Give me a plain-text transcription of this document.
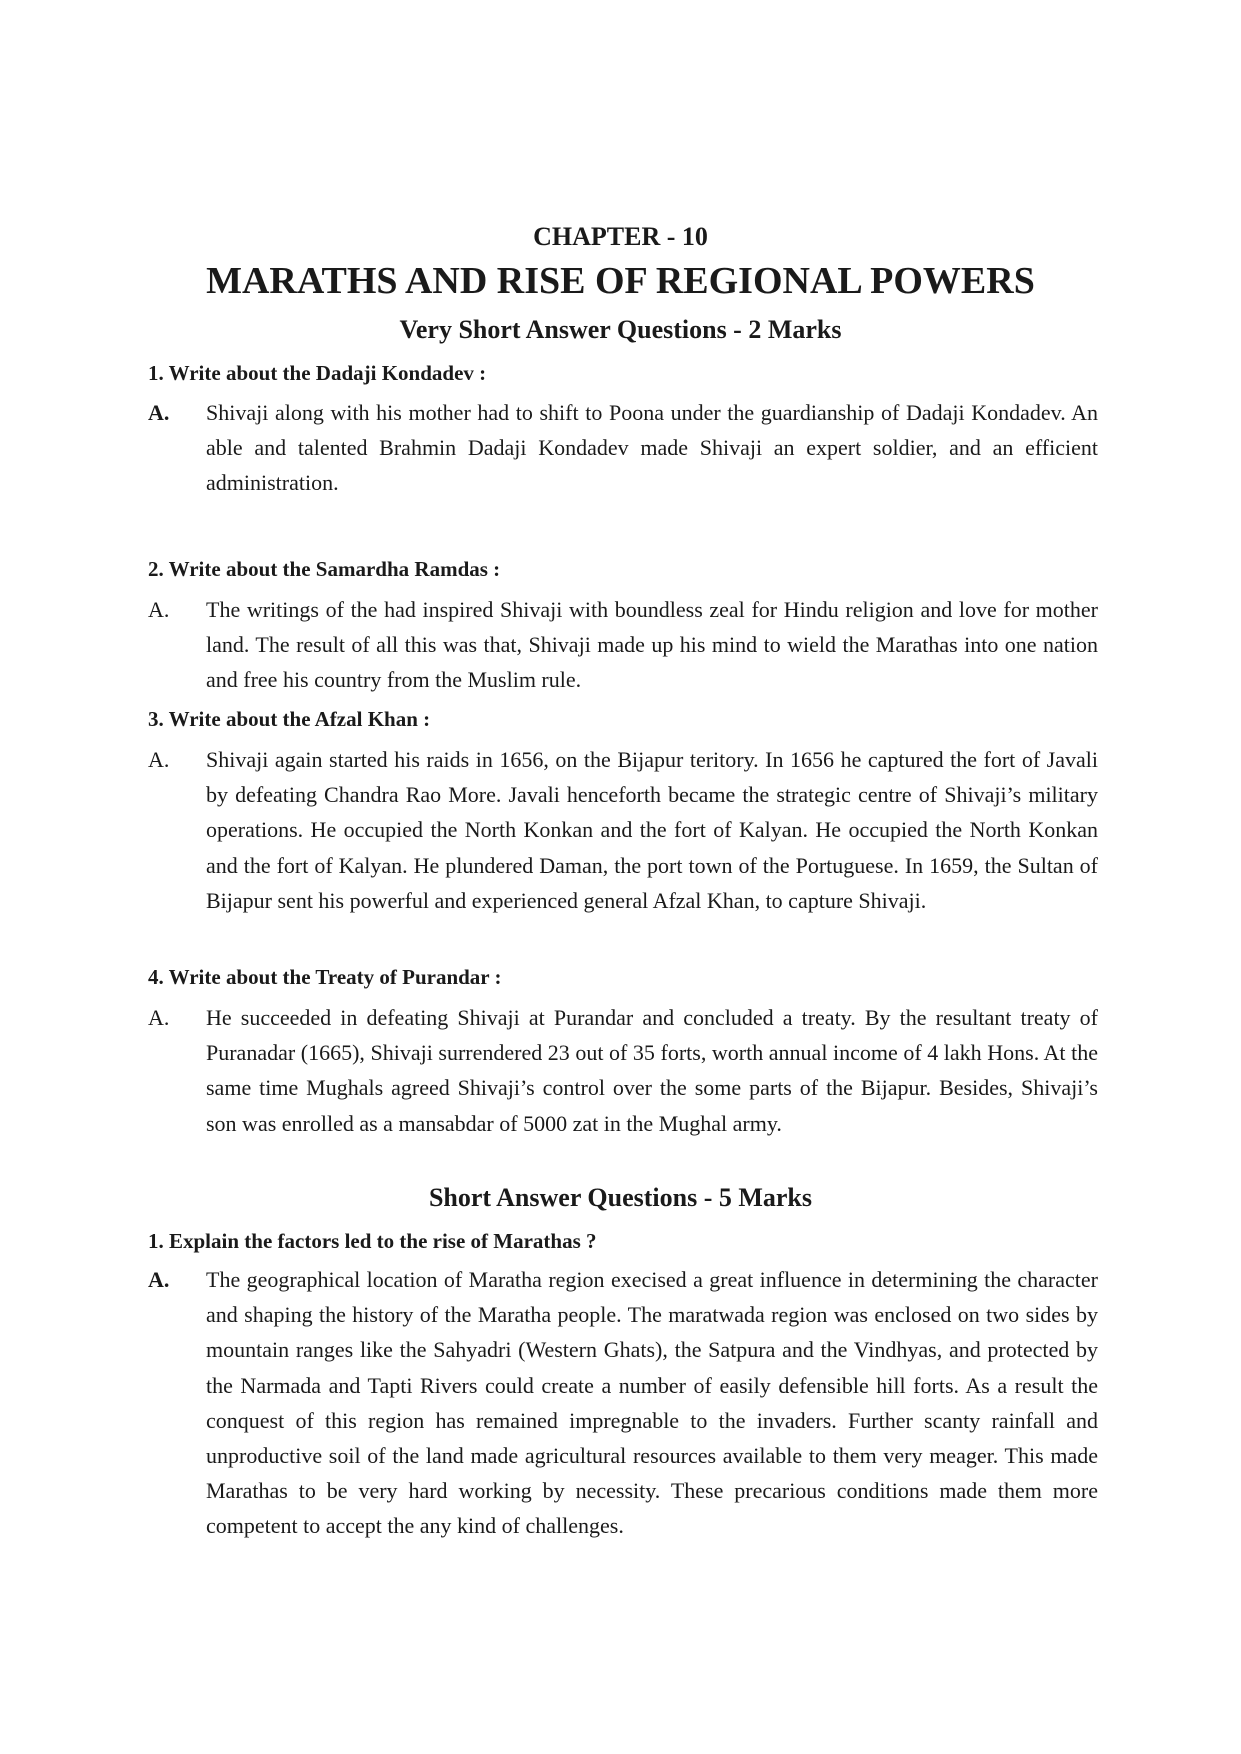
CHAPTER - 10
MARATHS AND RISE OF REGIONAL POWERS
Very Short Answer Questions - 2 Marks
1. Write about the Dadaji Kondadev :
A. Shivaji along with his mother had to shift to Poona under the guardianship of Dadaji Kondadev. An able and talented Brahmin Dadaji Kondadev made Shivaji an expert soldier, and an efficient administration.
2. Write about the Samardha Ramdas :
A. The writings of the had inspired Shivaji with boundless zeal for Hindu religion and love for mother land. The result of all this was that, Shivaji made up his mind to wield the Marathas into one nation and free his country from the Muslim rule.
3. Write about the Afzal Khan :
A. Shivaji again started his raids in 1656, on the Bijapur teritory. In 1656 he captured the fort of Javali by defeating Chandra Rao More. Javali henceforth became the strategic centre of Shivaji’s military operations. He occupied the North Konkan and the fort of Kalyan. He occupied the North Konkan and the fort of Kalyan. He plundered Daman, the port town of the Portuguese. In 1659, the Sultan of Bijapur sent his powerful and experienced general Afzal Khan, to capture Shivaji.
4. Write about the Treaty of Purandar :
A. He succeeded in defeating Shivaji at Purandar and concluded a treaty. By the resultant treaty of Puranadar (1665), Shivaji surrendered 23 out of 35 forts, worth annual income of 4 lakh Hons. At the same time Mughals agreed Shivaji’s control over the some parts of the Bijapur. Besides, Shivaji’s son was enrolled as a mansabdar of 5000 zat in the Mughal army.
Short Answer Questions - 5 Marks
1. Explain the factors led to the rise of Marathas ?
A. The geographical location of Maratha region execised a great influence in determining the character and shaping the history of the Maratha people. The maratwada region was enclosed on two sides by mountain ranges like the Sahyadri (Western Ghats), the Satpura and the Vindhyas, and protected by the Narmada and Tapti Rivers could create a number of easily defensible hill forts. As a result the conquest of this region has remained impregnable to the invaders. Further scanty rainfall and unproductive soil of the land made agricultural resources available to them very meager. This made Marathas to be very hard working by necessity. These precarious conditions made them more competent to accept the any kind of challenges.
